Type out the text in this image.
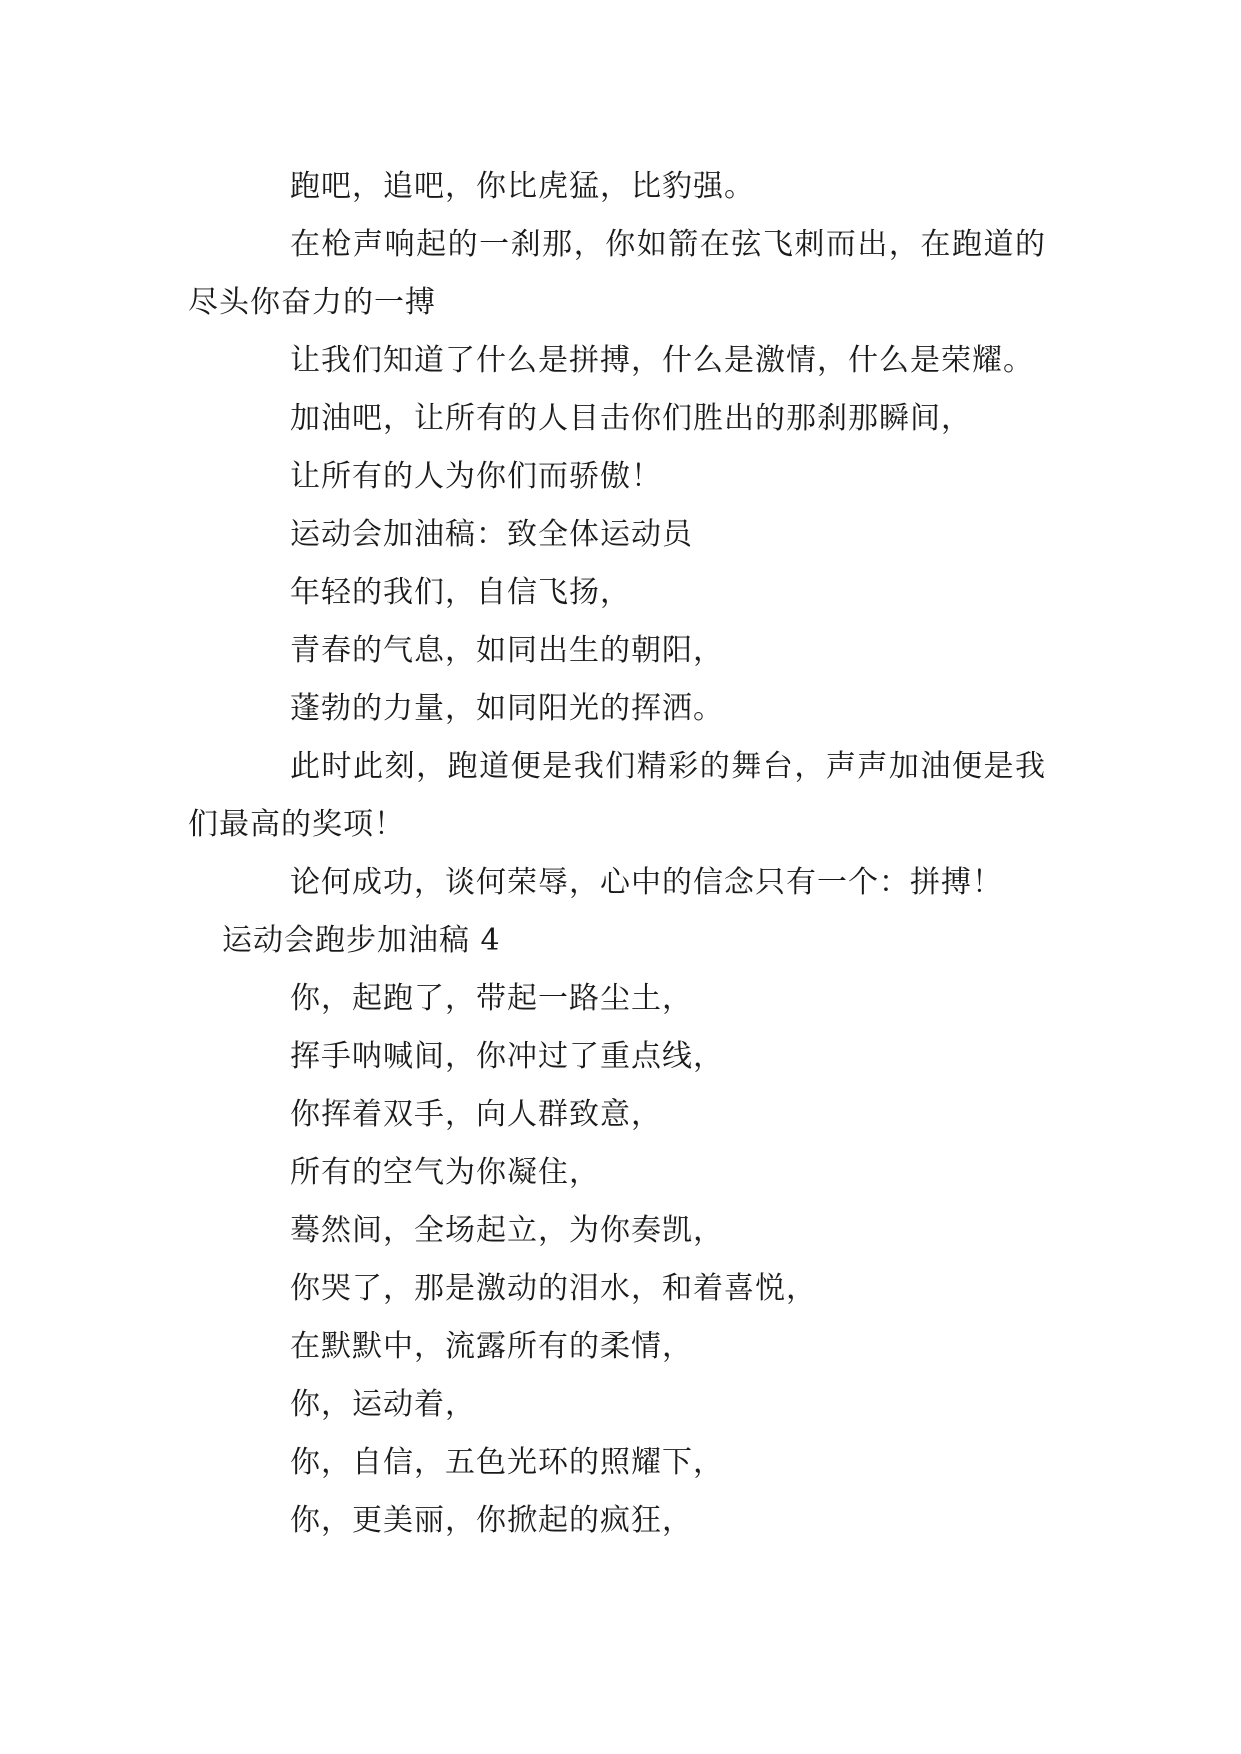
跑吧，追吧，你比虎猛，比豹强。

在枪声响起的一刹那，你如箭在弦飞刺而出，在跑道的尽头你奋力的一搏

让我们知道了什么是拼搏，什么是激情，什么是荣耀。

加油吧，让所有的人目击你们胜出的那刹那瞬间，

让所有的人为你们而骄傲！

运动会加油稿：致全体运动员

年轻的我们，自信飞扬，

青春的气息，如同出生的朝阳，

蓬勃的力量，如同阳光的挥洒。

此时此刻，跑道便是我们精彩的舞台，声声加油便是我们最高的奖项！

论何成功，谈何荣辱，心中的信念只有一个：拼搏！

运动会跑步加油稿 4

你，起跑了，带起一路尘土，

挥手呐喊间，你冲过了重点线，

你挥着双手，向人群致意，

所有的空气为你凝住，

蓦然间，全场起立，为你奏凯，

你哭了，那是激动的泪水，和着喜悦，

在默默中，流露所有的柔情，

你，运动着，

你，自信，五色光环的照耀下，

你，更美丽，你掀起的疯狂，
